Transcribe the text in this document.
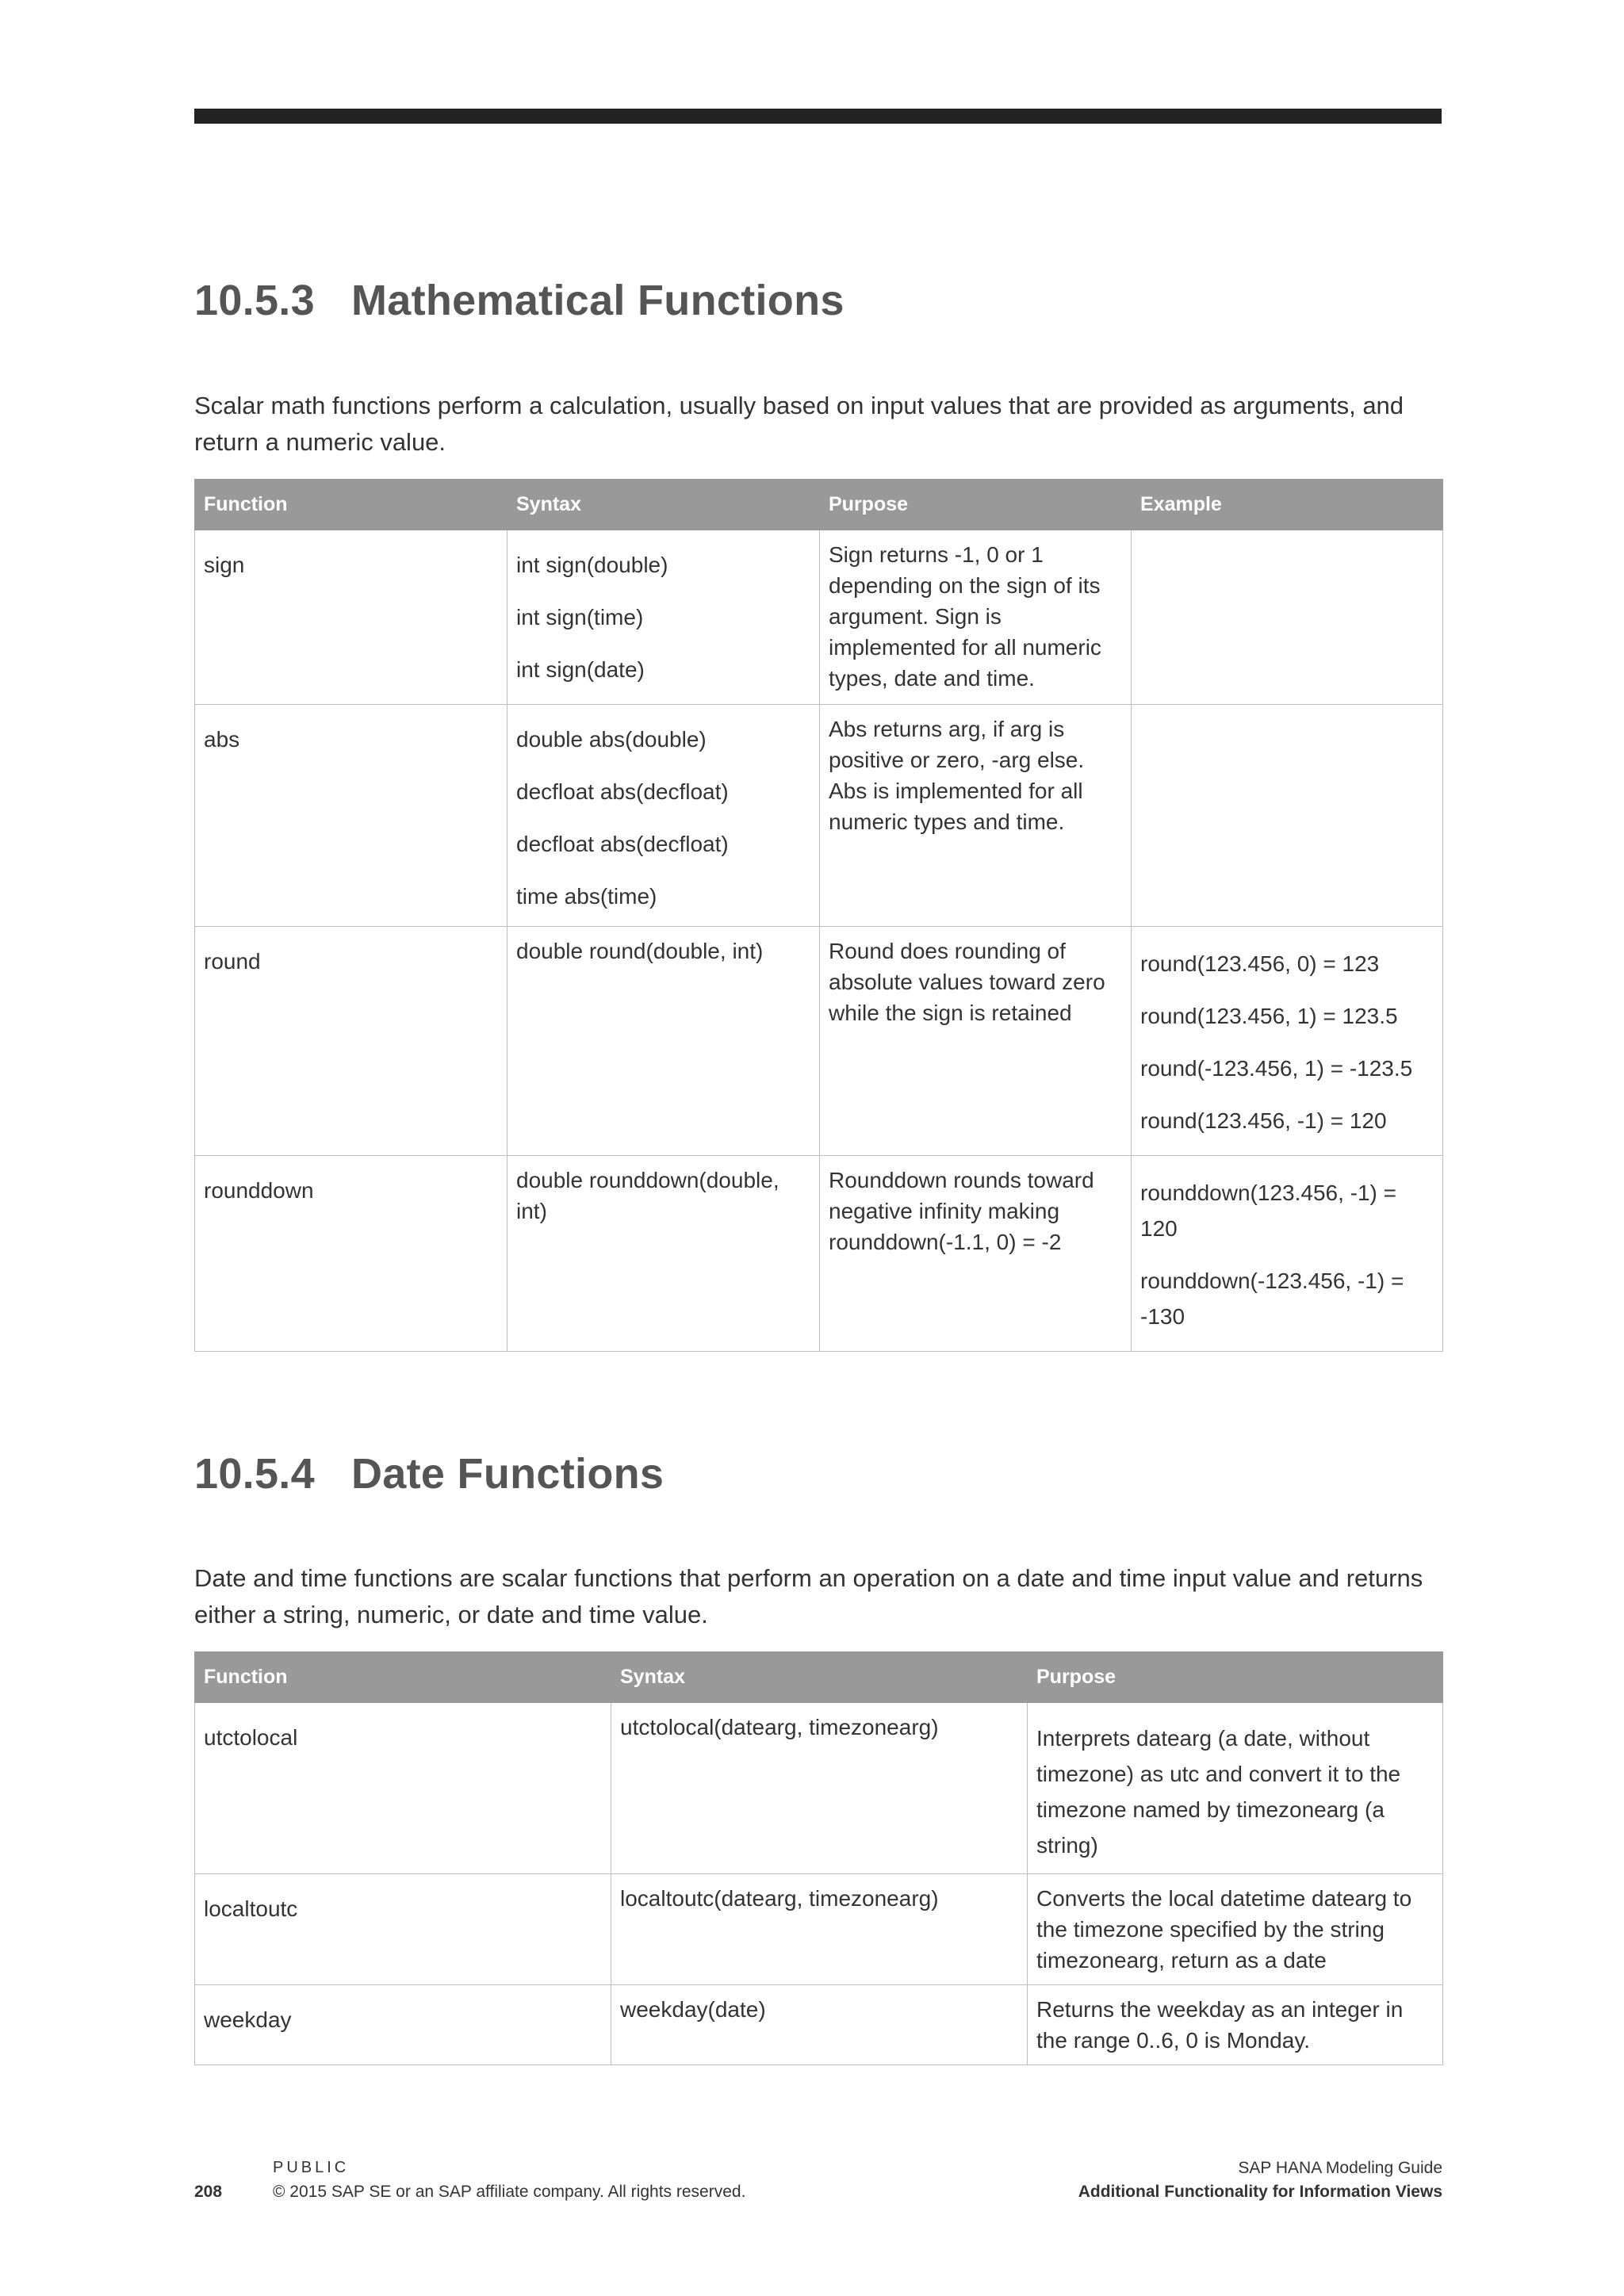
10.5.3 Mathematical Functions

Scalar math functions perform a calculation, usually based on input values that are provided as arguments, and return a numeric value.

Function	Syntax	Purpose	Example

sign	int sign(double)
int sign(time)
int sign(date)	Sign returns -1, 0 or 1 depending on the sign of its argument. Sign is implemented for all numeric types, date and time.	

abs	double abs(double)
decfloat abs(decfloat)
decfloat abs(decfloat)
time abs(time)	Abs returns arg, if arg is positive or zero, -arg else. Abs is implemented for all numeric types and time.	

round	double round(double, int)	Round does rounding of absolute values toward zero while the sign is retained	round(123.456, 0) = 123
round(123.456, 1) = 123.5
round(-123.456, 1) = -123.5
round(123.456, -1) = 120

rounddown	double rounddown(double, int)	Rounddown rounds toward negative infinity making rounddown(-1.1, 0) = -2	rounddown(123.456, -1) = 120
rounddown(-123.456, -1) = -130
10.5.4 Date Functions

Date and time functions are scalar functions that perform an operation on a date and time input value and returns either a string, numeric, or date and time value.

Function	Syntax	Purpose

utctolocal	utctolocal(datearg, timezonearg)	Interprets datearg (a date, without timezone) as utc and convert it to the timezone named by timezonearg (a string)

localtoutc	localtoutc(datearg, timezonearg)	Converts the local datetime datearg to the timezone specified by the string timezonearg, return as a date

weekday	weekday(date)	Returns the weekday as an integer in the range 0..6, 0 is Monday.
PUBLIC
208	© 2015 SAP SE or an SAP affiliate company. All rights reserved.
SAP HANA Modeling Guide
Additional Functionality for Information Views
